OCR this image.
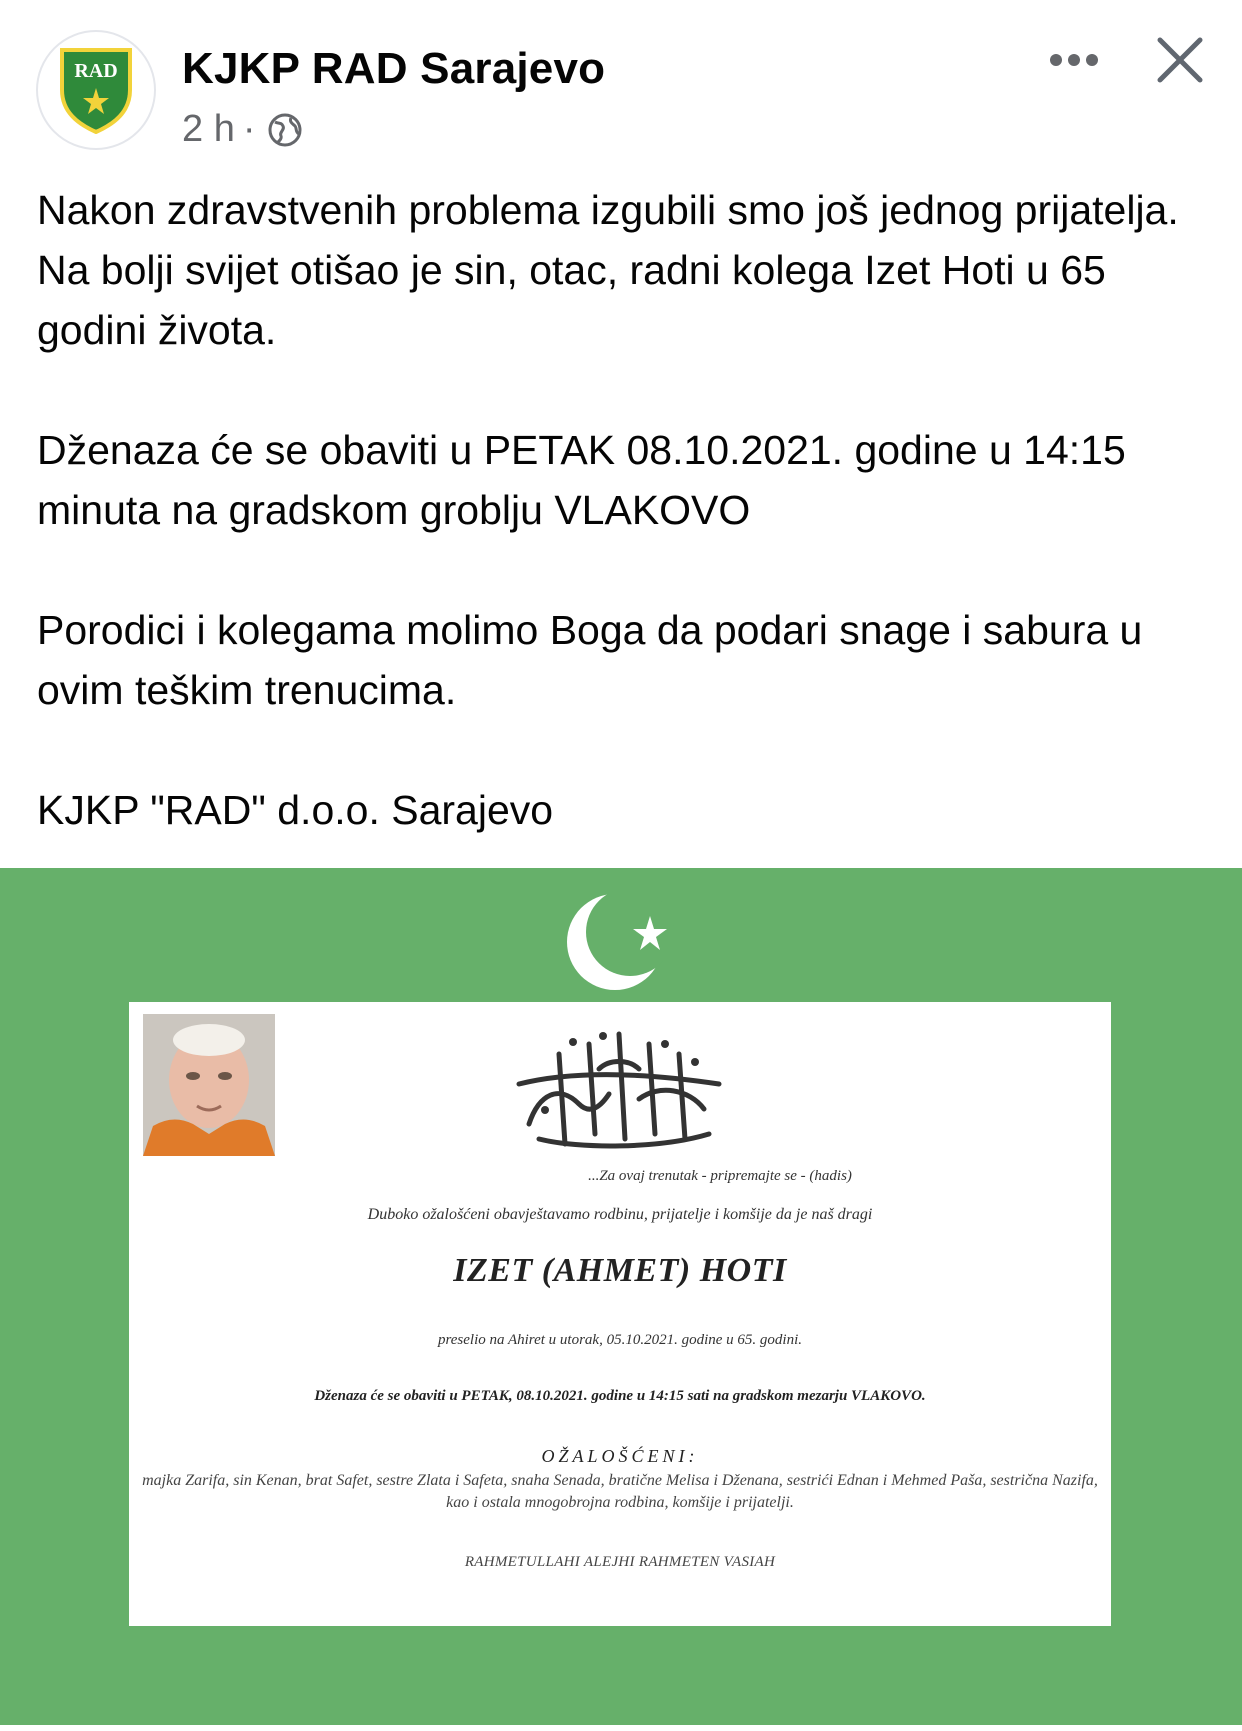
RAD KJKP RAD Sarajevo
2 h ·

Nakon zdravstvenih problema izgubili smo još jednog prijatelja. Na bolji svijet otišao je sin, otac, radni kolega Izet Hoti u 65 godini života.

Dženaza će se obaviti u PETAK 08.10.2021. godine u 14:15 minuta na gradskom groblju VLAKOVO

Porodici i kolegama molimo Boga da podari snage i sabura u ovim teškim trenucima.

KJKP "RAD" d.o.o. Sarajevo

...Za ovaj trenutak - pripremajte se - (hadis)
Duboko ožalošćeni obavještavamo rodbinu, prijatelje i komšije da je naš dragi
IZET (AHMET) HOTI
preselio na Ahiret u utorak, 05.10.2021. godine u 65. godini.
Dženaza će se obaviti u PETAK, 08.10.2021. godine u 14:15 sati na gradskom mezarju VLAKOVO.
OŽALOŠĆENI:
majka Zarifa, sin Kenan, brat Safet, sestre Zlata i Safeta, snaha Senada, bratične Melisa i Dženana, sestrići Ednan i Mehmed Paša, sestrična Nazifa, kao i ostala mnogobrojna rodbina, komšije i prijatelji.
RAHMETULLAHI ALEJHI RAHMETEN VASIAH
